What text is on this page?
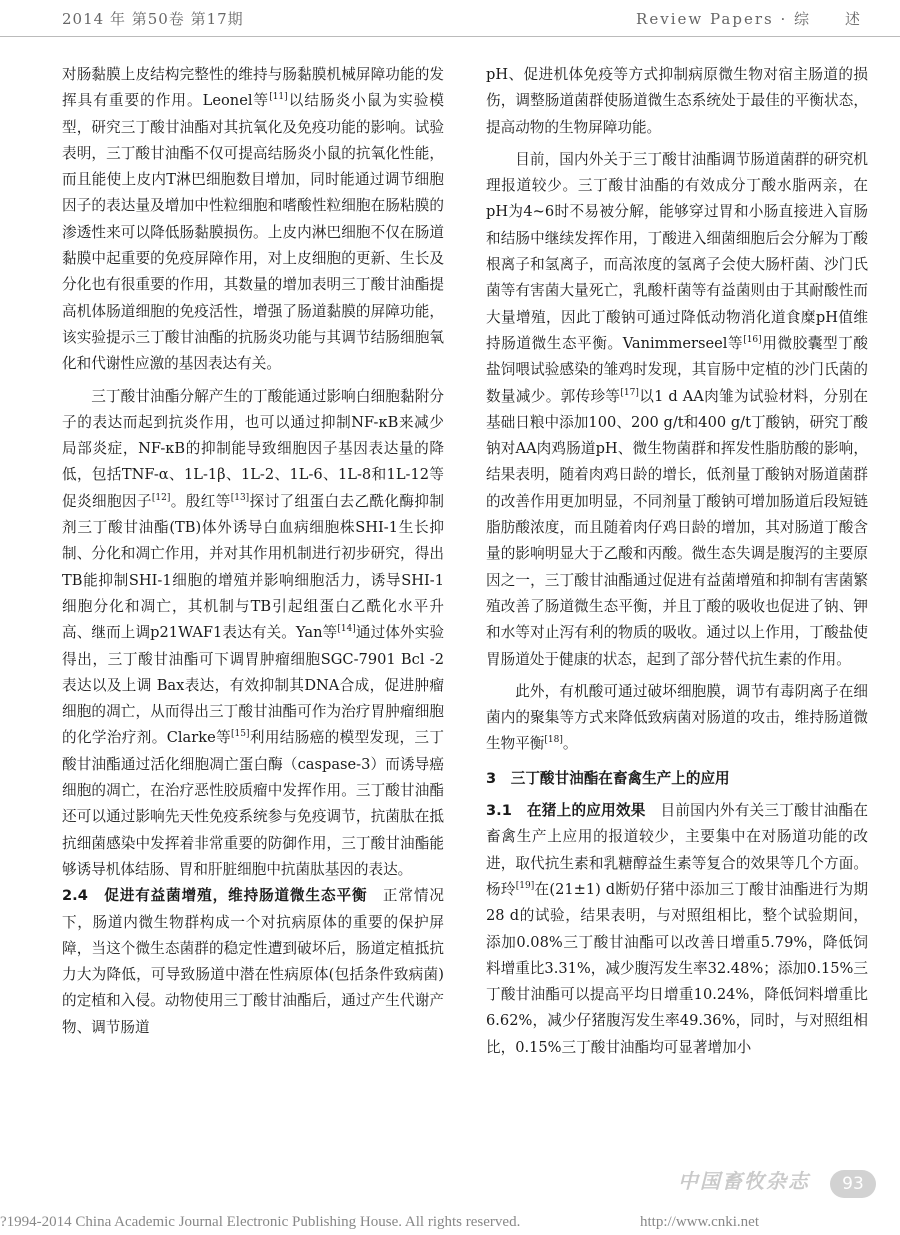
2014 年 第50卷 第17期	Review Papers · 综　　述

对肠黏膜上皮结构完整性的维持与肠黏膜机械屏障功能的发挥具有重要的作用。Leonel等[11]以结肠炎小鼠为实验模型，研究三丁酸甘油酯对其抗氧化及免疫功能的影响。试验表明，三丁酸甘油酯不仅可提高结肠炎小鼠的抗氧化性能，而且能使上皮内T淋巴细胞数目增加，同时能通过调节细胞因子的表达量及增加中性粒细胞和嗜酸性粒细胞在肠粘膜的渗透性来可以降低肠黏膜损伤。上皮内淋巴细胞不仅在肠道黏膜中起重要的免疫屏障作用，对上皮细胞的更新、生长及分化也有很重要的作用，其数量的增加表明三丁酸甘油酯提高机体肠道细胞的免疫活性，增强了肠道黏膜的屏障功能，该实验提示三丁酸甘油酯的抗肠炎功能与其调节结肠细胞氧化和代谢性应激的基因表达有关。

三丁酸甘油酯分解产生的丁酸能通过影响白细胞黏附分子的表达而起到抗炎作用，也可以通过抑制NF-κB来减少局部炎症，NF-κB的抑制能导致细胞因子基因表达量的降低，包括TNF-α、1L-1β、1L-2、1L-6、1L-8和1L-12等促炎细胞因子[12]。殷红等[13]探讨了组蛋白去乙酰化酶抑制剂三丁酸甘油酯(TB)体外诱导白血病细胞株SHI-1生长抑制、分化和凋亡作用，并对其作用机制进行初步研究，得出TB能抑制SHI-1细胞的增殖并影响细胞活力，诱导SHI-1细胞分化和凋亡，其机制与TB引起组蛋白乙酰化水平升高、继而上调p21WAF1表达有关。Yan等[14]通过体外实验得出，三丁酸甘油酯可下调胃肿瘤细胞SGC-7901 Bcl -2 表达以及上调 Bax表达，有效抑制其DNA合成，促进肿瘤细胞的凋亡，从而得出三丁酸甘油酯可作为治疗胃肿瘤细胞的化学治疗剂。Clarke等[15]利用结肠癌的模型发现，三丁酸甘油酯通过活化细胞凋亡蛋白酶（caspase-3）而诱导癌细胞的凋亡，在治疗恶性胶质瘤中发挥作用。三丁酸甘油酯还可以通过影响先天性免疫系统参与免疫调节，抗菌肽在抵抗细菌感染中发挥着非常重要的防御作用，三丁酸甘油酯能够诱导机体结肠、胃和肝脏细胞中抗菌肽基因的表达。

2.4　促进有益菌增殖，维持肠道微生态平衡　正常情况下，肠道内微生物群构成一个对抗病原体的重要的保护屏障，当这个微生态菌群的稳定性遭到破坏后，肠道定植抵抗力大为降低，可导致肠道中潜在性病原体(包括条件致病菌)的定植和入侵。动物使用三丁酸甘油酯后，通过产生代谢产物、调节肠道

pH、促进机体免疫等方式抑制病原微生物对宿主肠道的损伤，调整肠道菌群使肠道微生态系统处于最佳的平衡状态，提高动物的生物屏障功能。

目前，国内外关于三丁酸甘油酯调节肠道菌群的研究机理报道较少。三丁酸甘油酯的有效成分丁酸水脂两亲，在pH为4~6时不易被分解，能够穿过胃和小肠直接进入盲肠和结肠中继续发挥作用，丁酸进入细菌细胞后会分解为丁酸根离子和氢离子，而高浓度的氢离子会使大肠杆菌、沙门氏菌等有害菌大量死亡，乳酸杆菌等有益菌则由于其耐酸性而大量增殖，因此丁酸钠可通过降低动物消化道食糜pH值维持肠道微生态平衡。Vanimmerseel等[16]用微胶囊型丁酸盐饲喂试验感染的雏鸡时发现，其盲肠中定植的沙门氏菌的数量减少。郭传珍等[17]以1 d AA肉雏为试验材料，分别在基础日粮中添加100、200 g/t和400 g/t丁酸钠，研究丁酸钠对AA肉鸡肠道pH、微生物菌群和挥发性脂肪酸的影响，结果表明，随着肉鸡日龄的增长，低剂量丁酸钠对肠道菌群的改善作用更加明显，不同剂量丁酸钠可增加肠道后段短链脂肪酸浓度，而且随着肉仔鸡日龄的增加，其对肠道丁酸含量的影响明显大于乙酸和丙酸。微生态失调是腹泻的主要原因之一，三丁酸甘油酯通过促进有益菌增殖和抑制有害菌繁殖改善了肠道微生态平衡，并且丁酸的吸收也促进了钠、钾和水等对止泻有利的物质的吸收。通过以上作用，丁酸盐使胃肠道处于健康的状态，起到了部分替代抗生素的作用。

此外，有机酸可通过破坏细胞膜，调节有毒阴离子在细菌内的聚集等方式来降低致病菌对肠道的攻击，维持肠道微生物平衡[18]。

3　三丁酸甘油酯在畜禽生产上的应用

3.1　在猪上的应用效果　目前国内外有关三丁酸甘油酯在畜禽生产上应用的报道较少，主要集中在对肠道功能的改进，取代抗生素和乳糖醇益生素等复合的效果等几个方面。杨玲[19]在(21±1) d断奶仔猪中添加三丁酸甘油酯进行为期28 d的试验，结果表明，与对照组相比，整个试验期间，添加0.08%三丁酸甘油酯可以改善日增重5.79%，降低饲料增重比3.31%，减少腹泻发生率32.48%；添加0.15%三丁酸甘油酯可以提高平均日增重10.24%，降低饲料增重比6.62%，减少仔猪腹泻发生率49.36%，同时，与对照组相比，0.15%三丁酸甘油酯均可显著增加小

中国畜牧杂志	93
?1994-2014 China Academic Journal Electronic Publishing House. All rights reserved.	http://www.cnki.net
